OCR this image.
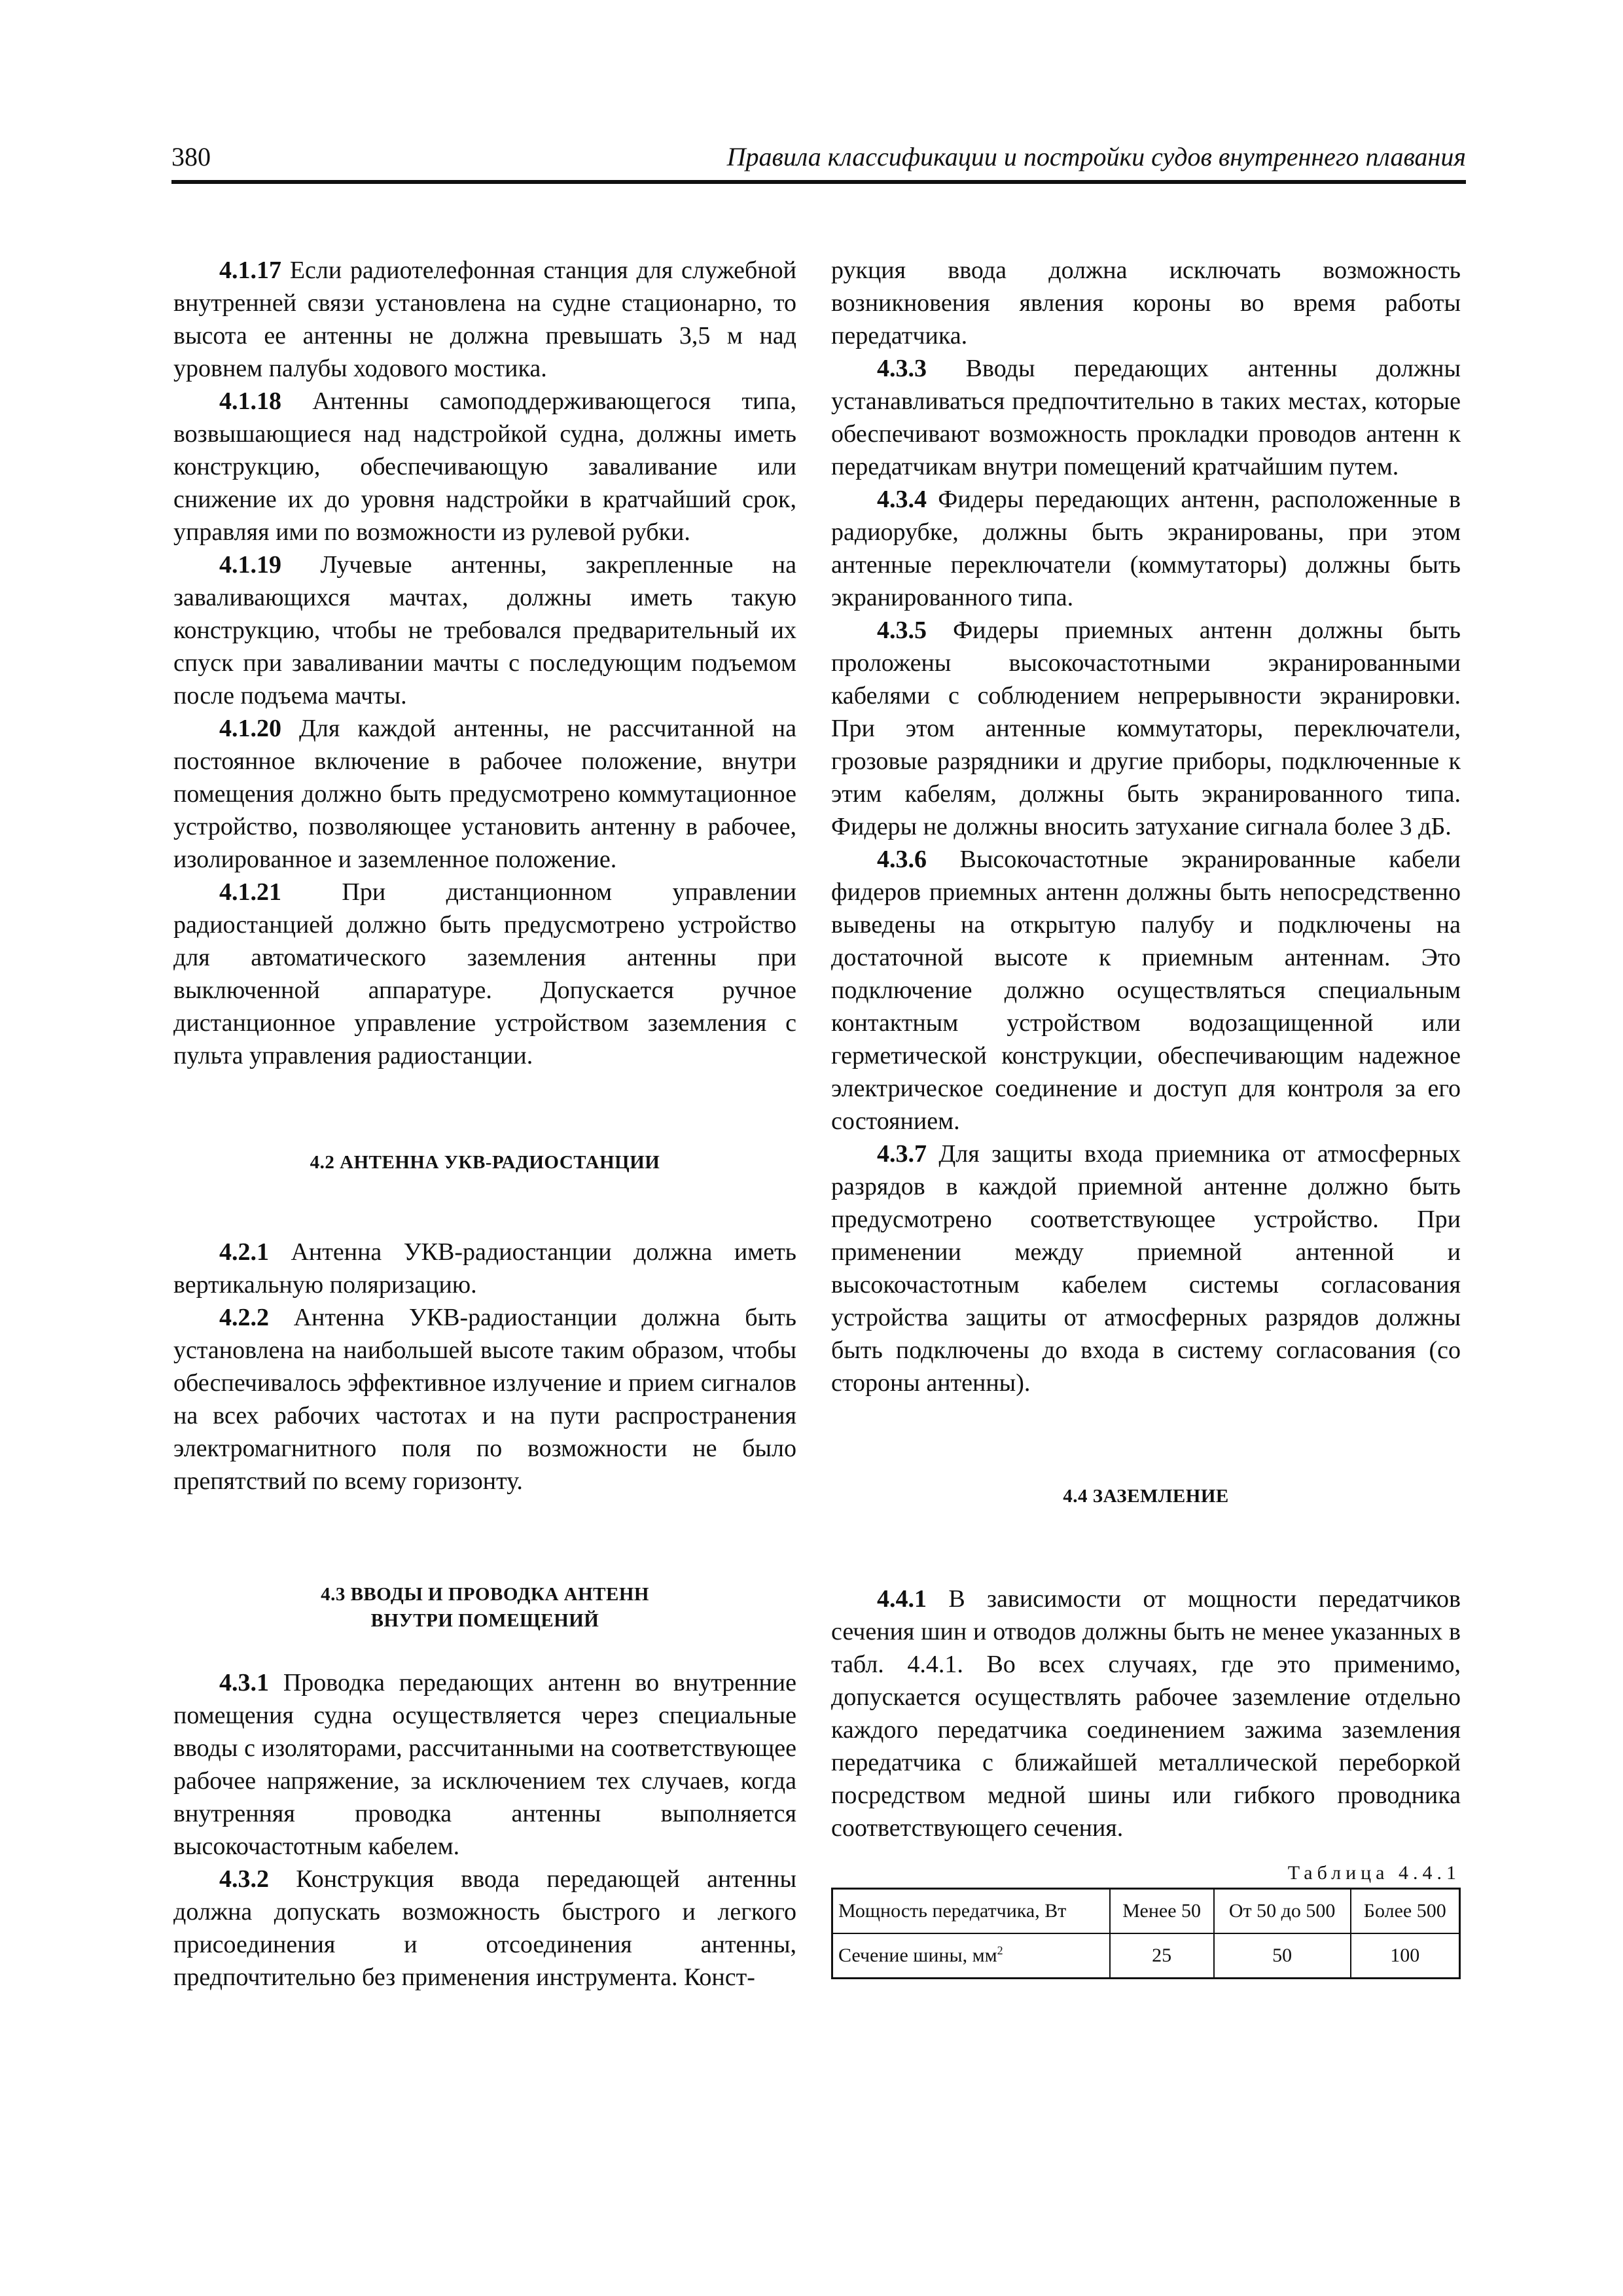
380	Правила классификации и постройки судов внутреннего плавания

4.1.17 Если радиотелефонная станция для служебной внутренней связи установлена на судне стационарно, то высота ее антенны не должна превышать 3,5 м над уровнем палубы ходового мостика.

4.1.18 Антенны самоподдерживающегося типа, возвышающиеся над надстройкой судна, должны иметь конструкцию, обеспечивающую заваливание или снижение их до уровня надстройки в кратчайший срок, управляя ими по возможности из рулевой рубки.

4.1.19 Лучевые антенны, закрепленные на заваливающихся мачтах, должны иметь такую конструкцию, чтобы не требовался предварительный их спуск при заваливании мачты с последующим подъемом после подъема мачты.

4.1.20 Для каждой антенны, не рассчитанной на постоянное включение в рабочее положение, внутри помещения должно быть предусмотрено коммутационное устройство, позволяющее установить антенну в рабочее, изолированное и заземленное положение.

4.1.21 При дистанционном управлении радиостанцией должно быть предусмотрено устройство для автоматического заземления антенны при выключенной аппаратуре. Допускается ручное дистанционное управление устройством заземления с пульта управления радиостанции.

4.2 АНТЕННА УКВ-РАДИОСТАНЦИИ

4.2.1 Антенна УКВ-радиостанции должна иметь вертикальную поляризацию.

4.2.2 Антенна УКВ-радиостанции должна быть установлена на наибольшей высоте таким образом, чтобы обеспечивалось эффективное излучение и прием сигналов на всех рабочих частотах и на пути распространения электромагнитного поля по возможности не было препятствий по всему горизонту.

4.3 ВВОДЫ И ПРОВОДКА АНТЕНН
ВНУТРИ ПОМЕЩЕНИЙ

4.3.1 Проводка передающих антенн во внутренние помещения судна осуществляется через специальные вводы с изоляторами, рассчитанными на соответствующее рабочее напряжение, за исключением тех случаев, когда внутренняя проводка антенны выполняется высокочастотным кабелем.

4.3.2 Конструкция ввода передающей антенны должна допускать возможность быстрого и легкого присоединения и отсоединения антенны, предпочтительно без применения инструмента. Конст-

рукция ввода должна исключать возможность возникновения явления короны во время работы передатчика.

4.3.3 Вводы передающих антенны должны устанавливаться предпочтительно в таких местах, которые обеспечивают возможность прокладки проводов антенн к передатчикам внутри помещений кратчайшим путем.

4.3.4 Фидеры передающих антенн, расположенные в радиорубке, должны быть экранированы, при этом антенные переключатели (коммутаторы) должны быть экранированного типа.

4.3.5 Фидеры приемных антенн должны быть проложены высокочастотными экранированными кабелями с соблюдением непрерывности экранировки. При этом антенные коммутаторы, переключатели, грозовые разрядники и другие приборы, подключенные к этим кабелям, должны быть экранированного типа. Фидеры не должны вносить затухание сигнала более 3 дБ.

4.3.6 Высокочастотные экранированные кабели фидеров приемных антенн должны быть непосредственно выведены на открытую палубу и подключены на достаточной высоте к приемным антеннам. Это подключение должно осуществляться специальным контактным устройством водозащищенной или герметической конструкции, обеспечивающим надежное электрическое соединение и доступ для контроля за его состоянием.

4.3.7 Для защиты входа приемника от атмосферных разрядов в каждой приемной антенне должно быть предусмотрено соответствующее устройство. При применении между приемной антенной и высокочастотным кабелем системы согласования устройства защиты от атмосферных разрядов должны быть подключены до входа в систему согласования (со стороны антенны).

4.4 ЗАЗЕМЛЕНИЕ

4.4.1 В зависимости от мощности передатчиков сечения шин и отводов должны быть не менее указанных в табл. 4.4.1. Во всех случаях, где это применимо, допускается осуществлять рабочее заземление отдельно каждого передатчика соединением зажима заземления передатчика с ближайшей металлической переборкой посредством медной шины или гибкого проводника соответствующего сечения.

Таблица 4.4.1
Мощность передатчика, Вт	Менее 50	От 50 до 500	Более 500
Сечение шины, $мм^2$	25	50	100
